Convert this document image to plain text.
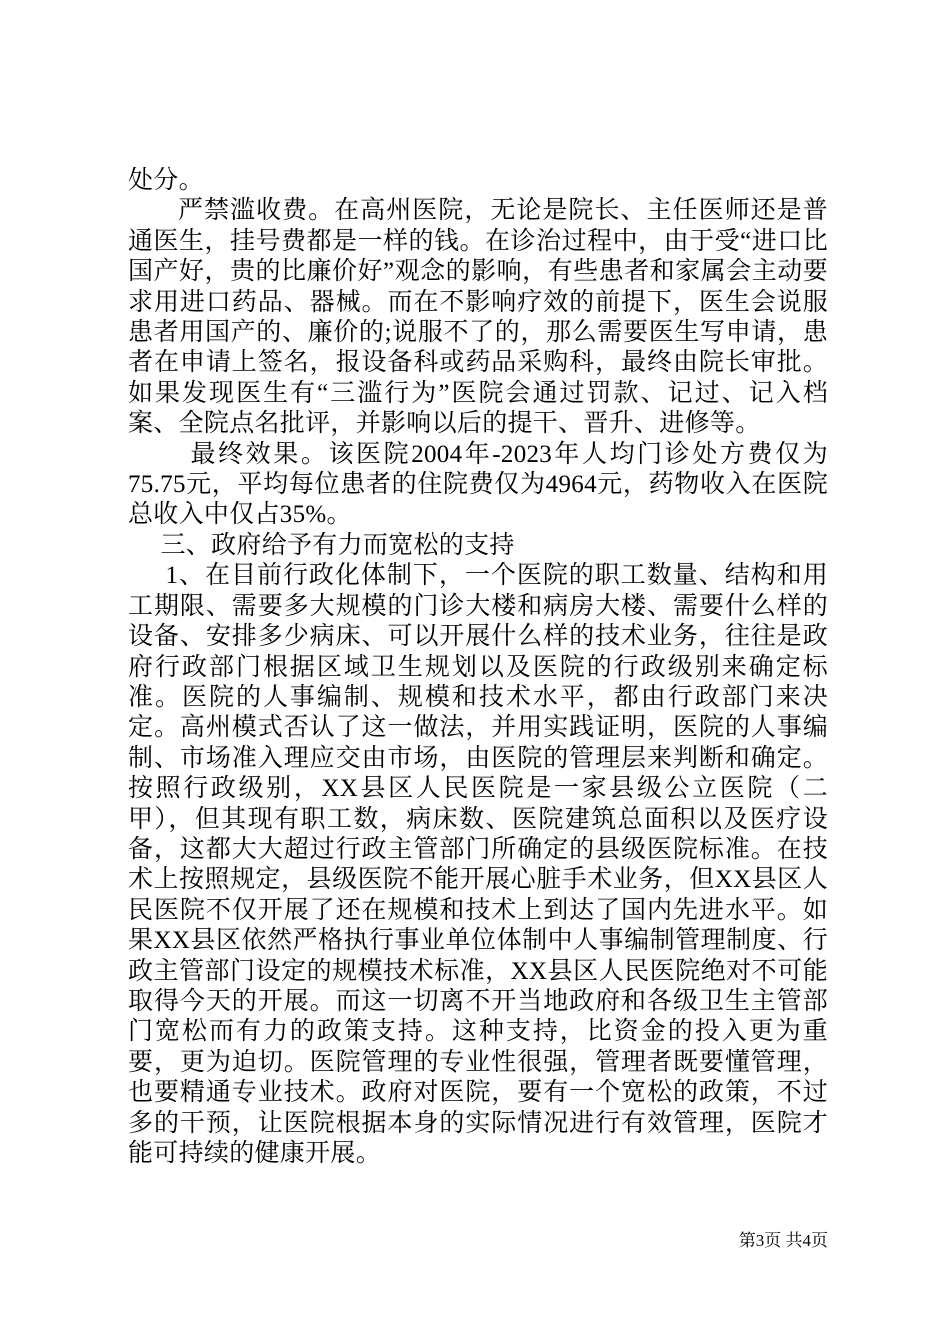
处分。

严禁滥收费。在高州医院，无论是院长、主任医师还是普通医生，挂号费都是一样的钱。在诊治过程中，由于受“进口比国产好，贵的比廉价好”观念的影响，有些患者和家属会主动要求用进口药品、器械。而在不影响疗效的前提下，医生会说服患者用国产的、廉价的;说服不了的，那么需要医生写申请，患者在申请上签名，报设备科或药品采购科，最终由院长审批。如果发现医生有“三滥行为”医院会通过罚款、记过、记入档案、全院点名批评，并影响以后的提干、晋升、进修等。

最终效果。该医院2004年-2023年人均门诊处方费仅为75.75元，平均每位患者的住院费仅为4964元，药物收入在医院总收入中仅占35%。

三、政府给予有力而宽松的支持

1、在目前行政化体制下，一个医院的职工数量、结构和用工期限、需要多大规模的门诊大楼和病房大楼、需要什么样的设备、安排多少病床、可以开展什么样的技术业务，往往是政府行政部门根据区域卫生规划以及医院的行政级别来确定标准。医院的人事编制、规模和技术水平，都由行政部门来决定。高州模式否认了这一做法，并用实践证明，医院的人事编制、市场准入理应交由市场，由医院的管理层来判断和确定。按照行政级别，XX县区人民医院是一家县级公立医院（二甲），但其现有职工数，病床数、医院建筑总面积以及医疗设备，这都大大超过行政主管部门所确定的县级医院标准。在技术上按照规定，县级医院不能开展心脏手术业务，但XX县区人民医院不仅开展了还在规模和技术上到达了国内先进水平。如果XX县区依然严格执行事业单位体制中人事编制管理制度、行政主管部门设定的规模技术标准，XX县区人民医院绝对不可能取得今天的开展。而这一切离不开当地政府和各级卫生主管部门宽松而有力的政策支持。这种支持，比资金的投入更为重要，更为迫切。医院管理的专业性很强，管理者既要懂管理，也要精通专业技术。政府对医院，要有一个宽松的政策，不过多的干预，让医院根据本身的实际情况进行有效管理，医院才能可持续的健康开展。

第3页 共4页
